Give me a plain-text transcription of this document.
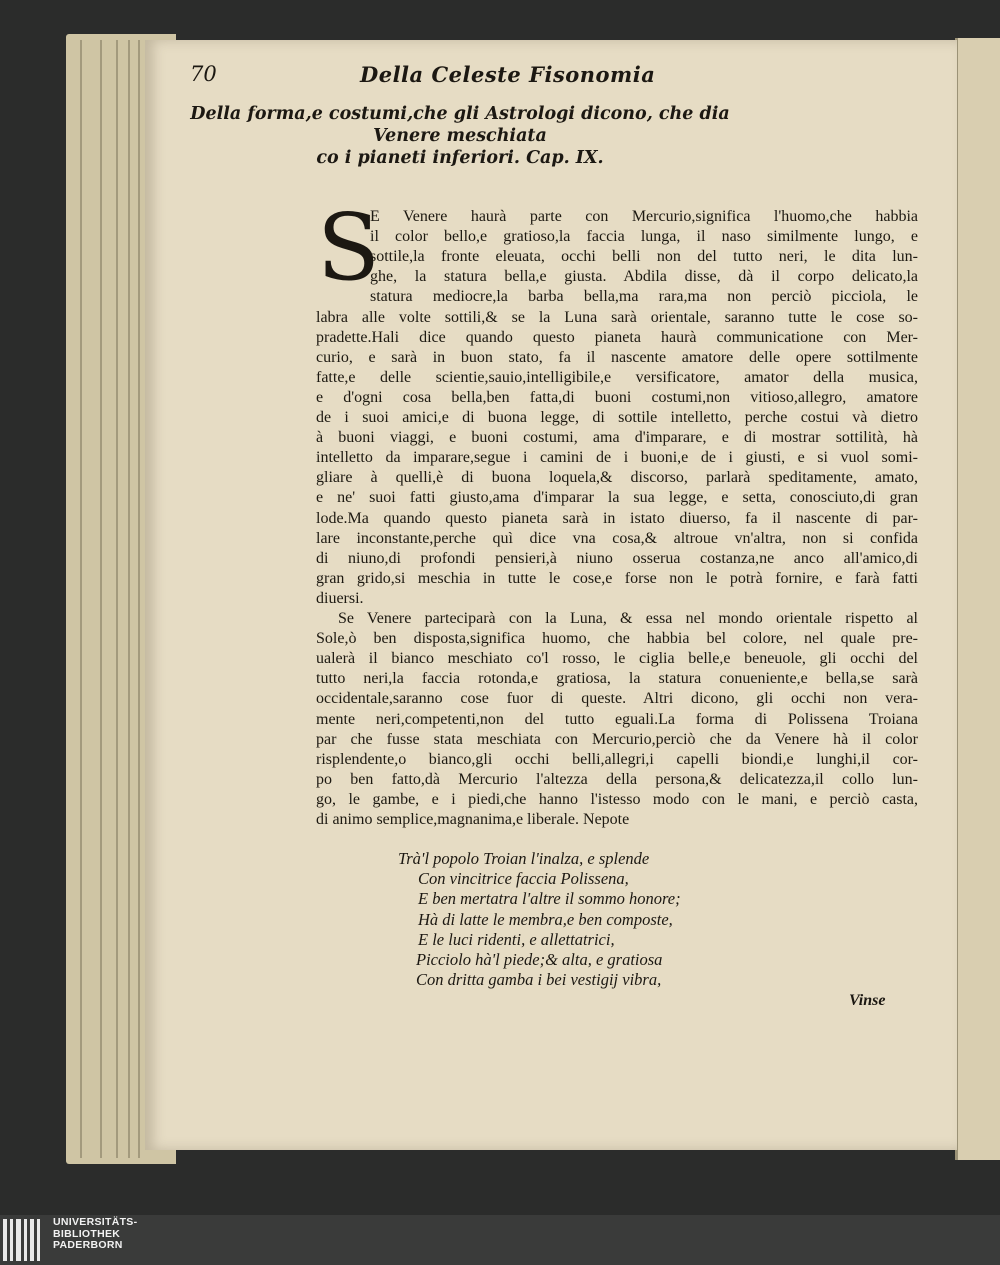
70	Della Celeste Fisonomia
Della forma,e costumi,che gli Astrologi dicono, che dia Venere meschiata
co i pianeti inferiori. Cap. IX.
S
E Venere haurà parte con Mercurio,significa l'huomo,che habbia
il color bello,e gratioso,la faccia lunga, il naso similmente lungo, e
sottile,la fronte eleuata, occhi belli non del tutto neri, le dita lun-
ghe, la statura bella,e giusta. Abdila disse, dà il corpo delicato,la
statura mediocre,la barba bella,ma rara,ma non perciò picciola, le
labra alle volte sottili,& se la Luna sarà orientale, saranno tutte le cose so-
pradette.Hali dice quando questo pianeta haurà communicatione con Mer-
curio, e sarà in buon stato, fa il nascente amatore delle opere sottilmente
fatte,e delle scientie,sauio,intelligibile,e versificatore, amator della musica,
e d'ogni cosa bella,ben fatta,di buoni costumi,non vitioso,allegro, amatore
de i suoi amici,e di buona legge, di sottile intelletto, perche costui và dietro
à buoni viaggi, e buoni costumi, ama d'imparare, e di mostrar sottilità, hà
intelletto da imparare,segue i camini de i buoni,e de i giusti, e si vuol somi-
gliare à quelli,è di buona loquela,& discorso, parlarà speditamente, amato,
e ne' suoi fatti giusto,ama d'imparar la sua legge, e setta, conosciuto,di gran
lode.Ma quando questo pianeta sarà in istato diuerso, fa il nascente di par-
lare inconstante,perche quì dice vna cosa,& altroue vn'altra, non si confida
di niuno,di profondi pensieri,à niuno osserua costanza,ne anco all'amico,di
gran grido,si meschia in tutte le cose,e forse non le potrà fornire, e farà fatti
diuersi.
Se Venere parteciparà con la Luna, & essa nel mondo orientale rispetto al
Sole,ò ben disposta,significa huomo, che habbia bel colore, nel quale pre-
ualerà il bianco meschiato co'l rosso, le ciglia belle,e beneuole, gli occhi del
tutto neri,la faccia rotonda,e gratiosa, la statura conueniente,e bella,se sarà
occidentale,saranno cose fuor di queste. Altri dicono, gli occhi non vera-
mente neri,competenti,non del tutto eguali.La forma di Polissena Troiana
par che fusse stata meschiata con Mercurio,perciò che da Venere hà il color
risplendente,o bianco,gli occhi belli,allegri,i capelli biondi,e lunghi,il cor-
po ben fatto,dà Mercurio l'altezza della persona,& delicatezza,il collo lun-
go, le gambe, e i piedi,che hanno l'istesso modo con le mani, e perciò casta,
di animo semplice,magnanima,e liberale. Nepote
Trà'l popolo Troian l'inalza, e splende
Con vincitrice faccia Polissena,
E ben mertatra l'altre il sommo honore;
Hà di latte le membra,e ben composte,
E le luci ridenti, e allettatrici,
Picciolo hà'l piede;& alta, e gratiosa
Con dritta gamba i bei vestigij vibra,
Vinse
UNIVERSITÄTS-
BIBLIOTHEK
PADERBORN
